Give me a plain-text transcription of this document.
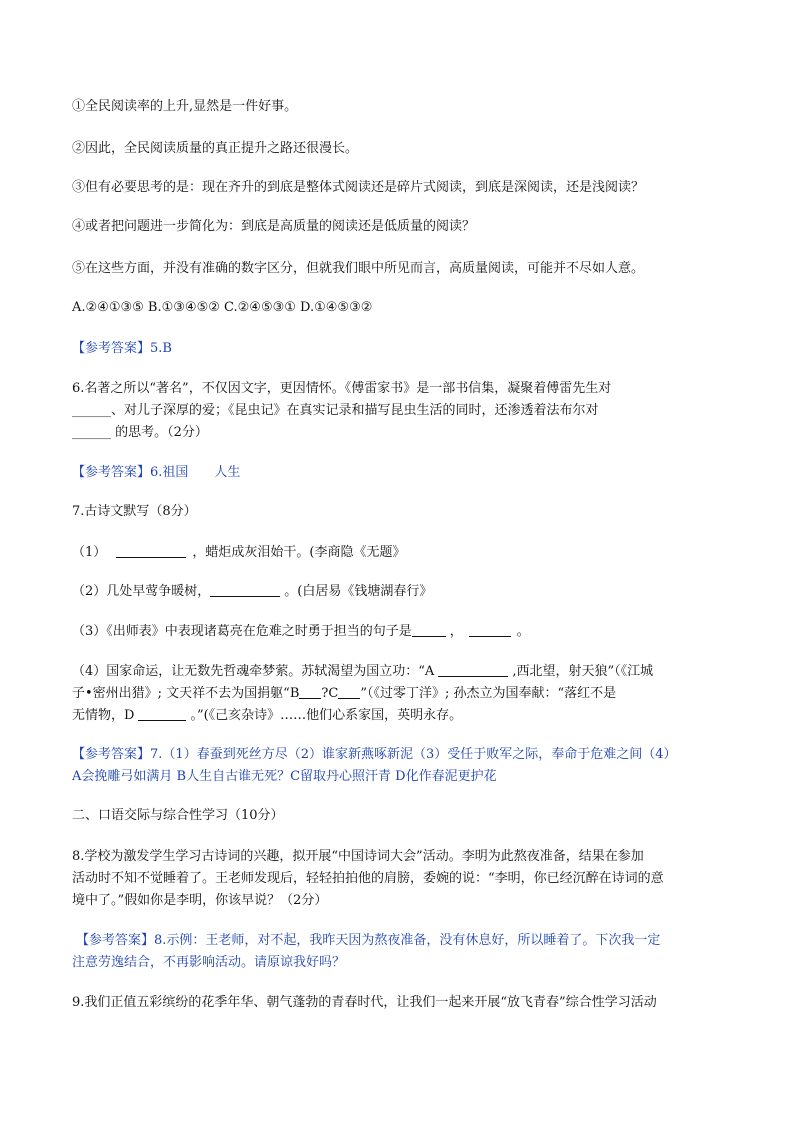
①全民阅读率的上升,显然是一件好事。
②因此，全民阅读质量的真正提升之路还很漫长。
③但有必要思考的是：现在齐升的到底是整体式阅读还是碎片式阅读，到底是深阅读，还是浅阅读？
④或者把问题进一步简化为：到底是高质量的阅读还是低质量的阅读？
⑤在这些方面，并没有准确的数字区分，但就我们眼中所见而言，高质量阅读，可能并不尽如人意。
A.②④①③⑤ B.①③④⑤② C.②④⑤③① D.①④⑤③②
【参考答案】5.B
6.名著之所以“著名”，不仅因文字，更因情怀。《傅雷家书》是一部书信集，凝聚着傅雷先生对
______、对儿子深厚的爱；《昆虫记》在真实记录和描写昆虫生活的同时，还渗透着法布尔对
______ 的思考。（2分）
【参考答案】6.祖国　　人生
7.古诗文默写（8分）
（1）	，蜡炬成灰泪始干。(李商隐《无题》
（2）几处早莺争暖树，	。(白居易《钱塘湖春行》
（3）《出师表》中表现诸葛亮在危难之时勇于担当的句子是	，	。
（4）国家命运，让无数先哲魂牵梦萦。苏轼渴望为国立功：“A	,西北望，射天狼”（《江城
子•密州出猎》; 文天祥不去为国捐躯“B ?C ”（《过零丁洋》; 孙杰立为国奉献：“落红不是
无情物，D	。”(《己亥杂诗》……他们心系家国，英明永存。
【参考答案】7.（1）春蚕到死丝方尽（2）谁家新燕啄新泥（3）受任于败军之际，奉命于危难之间（4）
A会挽雕弓如满月 B人生自古谁无死？C留取丹心照汗青 D化作春泥更护花
二、口语交际与综合性学习（10分）
8.学校为激发学生学习古诗词的兴趣，拟开展“中国诗词大会”活动。李明为此熬夜准备，结果在参加
活动时不知不觉睡着了。王老师发现后，轻轻拍拍他的肩膀，委婉的说：“李明，你已经沉醉在诗词的意
境中了。”假如你是李明，你该早说？（2分）
【参考答案】8.示例：王老师，对不起，我昨天因为熬夜准备，没有休息好，所以睡着了。下次我一定
注意劳逸结合，不再影响活动。请原谅我好吗？
9.我们正值五彩缤纷的花季年华、朝气蓬勃的青春时代，让我们一起来开展“放飞青春”综合性学习活动
